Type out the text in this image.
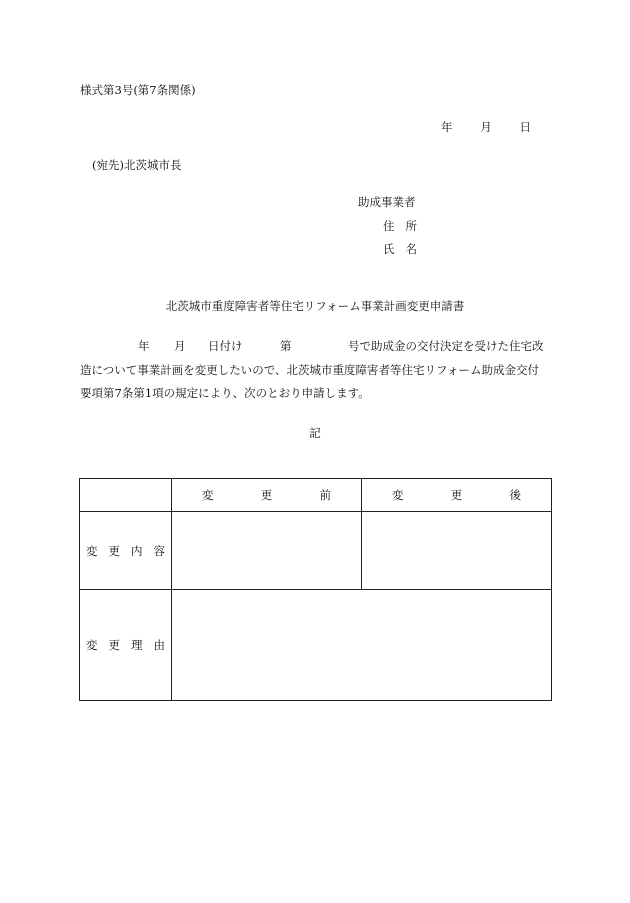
様式第3号(第7条関係)
年 月 日
(宛先)北茨城市長
助成事業者
住 所
氏 名
北茨城市重度障害者等住宅リフォーム事業計画変更申請書
年 月 日付け	第	号で助成金の交付決定を受けた住宅改
造について事業計画を変更したいので、北茨城市重度障害者等住宅リフォーム助成金交付
要項第7条第1項の規定により、次のとおり申請します。
記

	変 更 前	変 更 後

変 更 内 容		

変 更 理 由		
